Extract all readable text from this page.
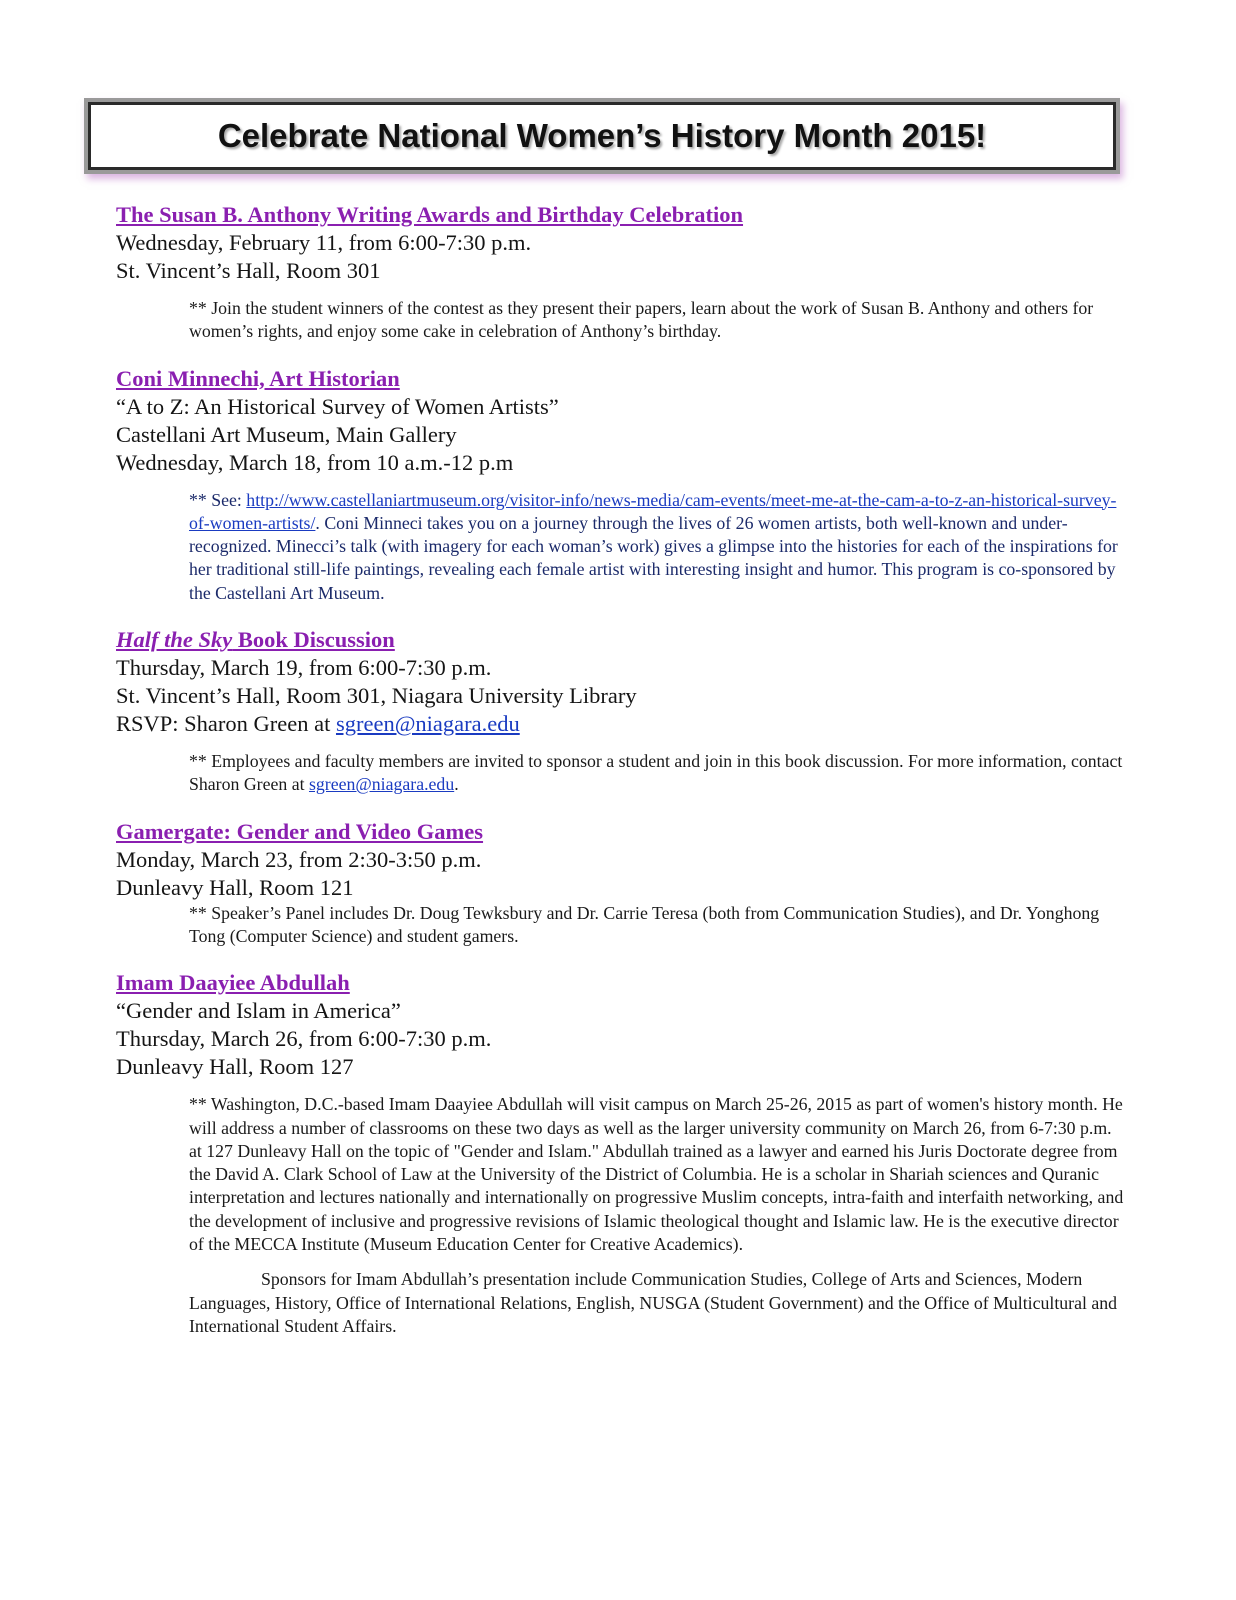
Celebrate National Women’s History Month 2015!
The Susan B. Anthony Writing Awards and Birthday Celebration
Wednesday, February 11, from 6:00-7:30 p.m.
St. Vincent’s Hall, Room 301
** Join the student winners of the contest as they present their papers, learn about the work of Susan B. Anthony and others for women’s rights, and enjoy some cake in celebration of Anthony’s birthday.
Coni Minnechi, Art Historian
“A to Z: An Historical Survey of Women Artists”
Castellani Art Museum, Main Gallery
Wednesday, March 18, from 10 a.m.-12 p.m
** See: http://www.castellaniartmuseum.org/visitor-info/news-media/cam-events/meet-me-at-the-cam-a-to-z-an-historical-survey-of-women-artists/. Coni Minneci takes you on a journey through the lives of 26 women artists, both well-known and under-recognized. Minecci’s talk (with imagery for each woman’s work) gives a glimpse into the histories for each of the inspirations for her traditional still-life paintings, revealing each female artist with interesting insight and humor. This program is co-sponsored by the Castellani Art Museum.
Half the Sky Book Discussion
Thursday, March 19, from 6:00-7:30 p.m.
St. Vincent’s Hall, Room 301, Niagara University Library
RSVP: Sharon Green at sgreen@niagara.edu
** Employees and faculty members are invited to sponsor a student and join in this book discussion. For more information, contact Sharon Green at sgreen@niagara.edu.
Gamergate: Gender and Video Games
Monday, March 23, from 2:30-3:50 p.m.
Dunleavy Hall, Room 121
** Speaker’s Panel includes Dr. Doug Tewksbury and Dr. Carrie Teresa (both from Communication Studies), and Dr. Yonghong Tong (Computer Science) and student gamers.
Imam Daayiee Abdullah
“Gender and Islam in America”
Thursday, March 26, from 6:00-7:30 p.m.
Dunleavy Hall, Room 127
** Washington, D.C.-based Imam Daayiee Abdullah will visit campus on March 25-26, 2015 as part of women's history month. He will address a number of classrooms on these two days as well as the larger university community on March 26, from 6-7:30 p.m. at 127 Dunleavy Hall on the topic of "Gender and Islam." Abdullah trained as a lawyer and earned his Juris Doctorate degree from the David A. Clark School of Law at the University of the District of Columbia. He is a scholar in Shariah sciences and Quranic interpretation and lectures nationally and internationally on progressive Muslim concepts, intra-faith and interfaith networking, and the development of inclusive and progressive revisions of Islamic theological thought and Islamic law. He is the executive director of the MECCA Institute (Museum Education Center for Creative Academics).
Sponsors for Imam Abdullah’s presentation include Communication Studies, College of Arts and Sciences, Modern Languages, History, Office of International Relations, English, NUSGA (Student Government) and the Office of Multicultural and International Student Affairs.
